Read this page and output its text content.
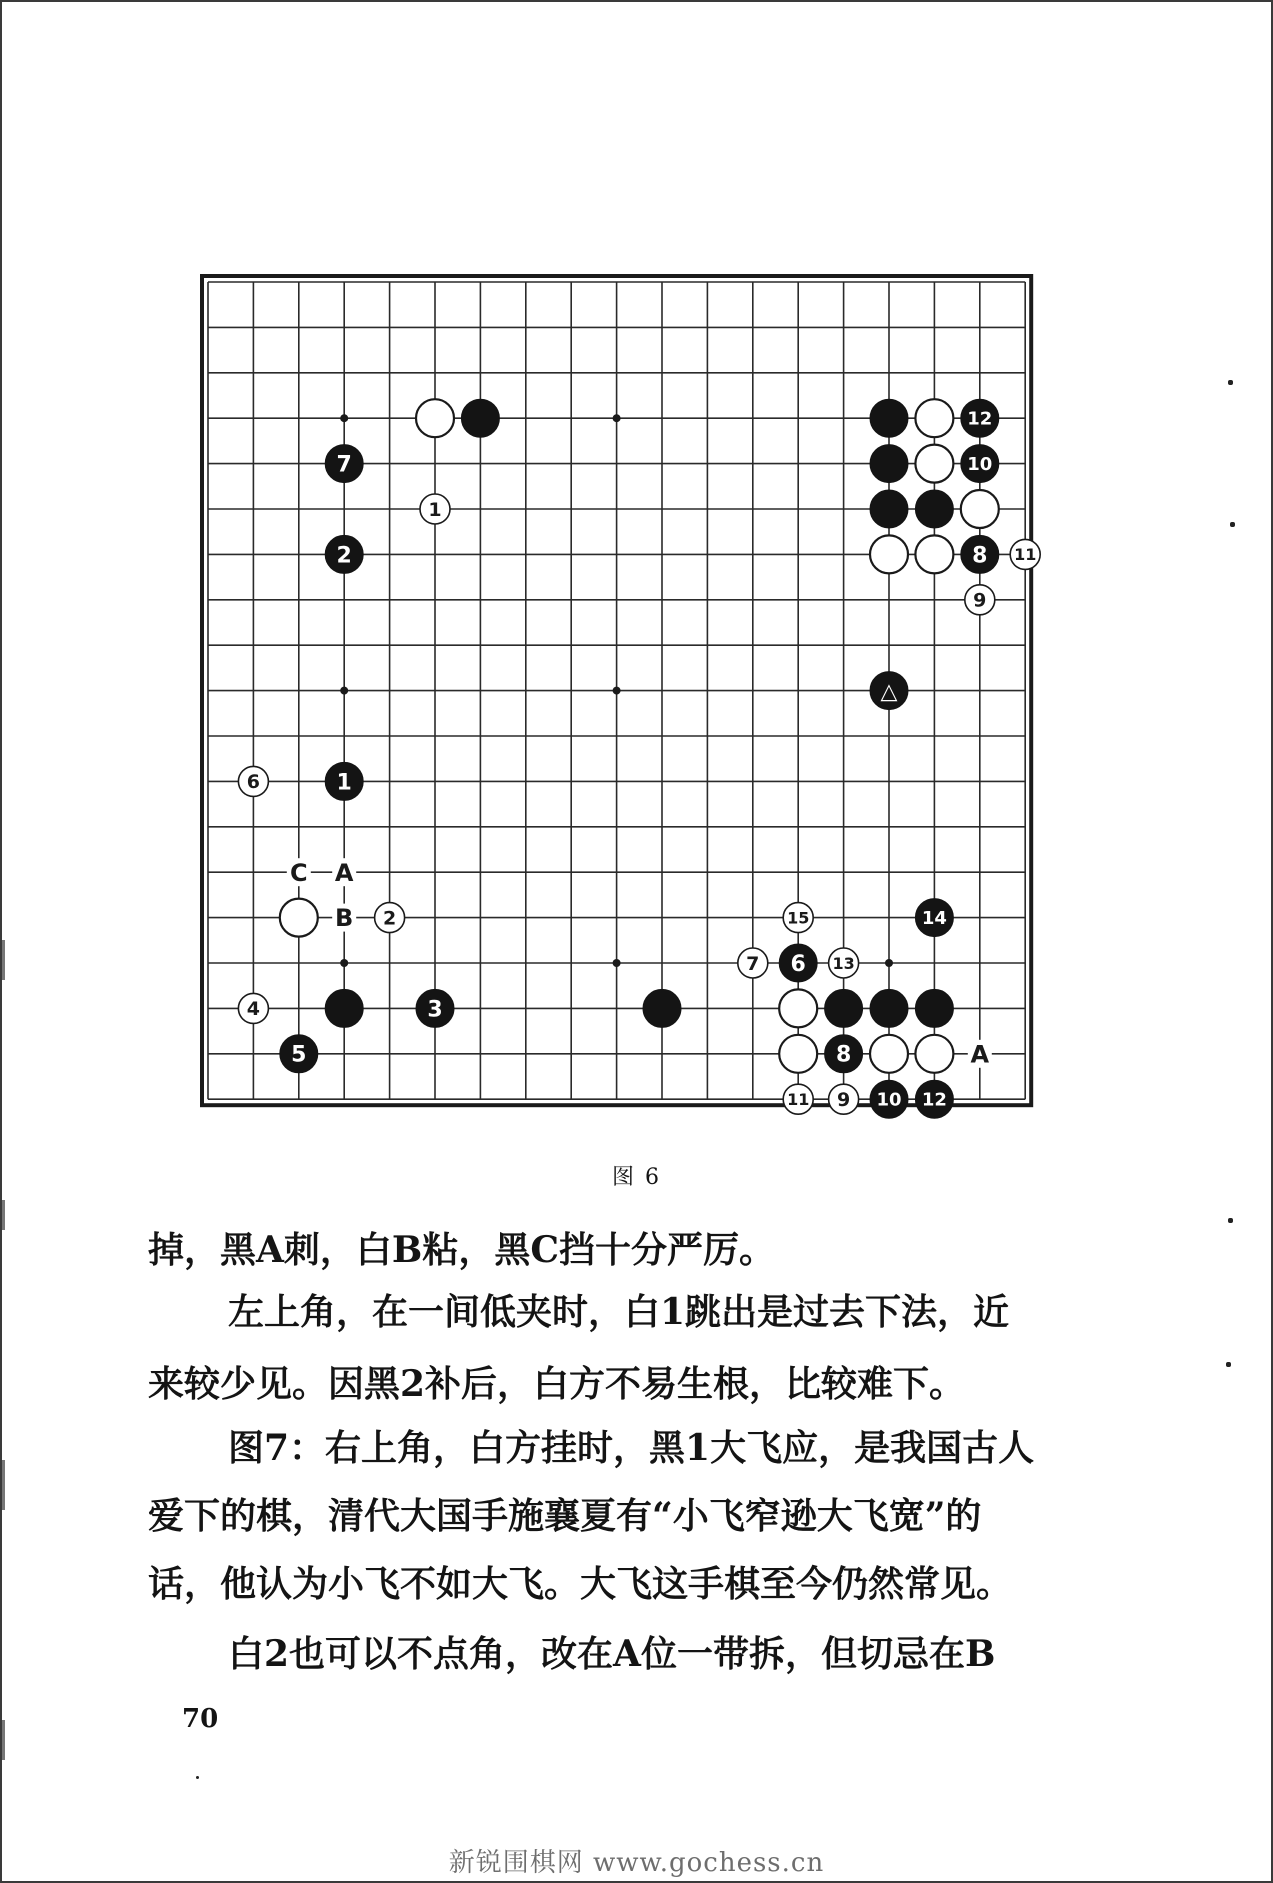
1
11
9
6
2
4
15
7	13
11 9
12
10
8
7
2
△
1
3
5
6
14
8
10 12
C A
B
A
图 6
掉，黑A刺，白B粘，黑C挡十分严厉。
左上角，在一间低夹时，白1跳出是过去下法，近
来较少见。因黑2补后，白方不易生根，比较难下。
图7：右上角，白方挂时，黑1大飞应，是我国古人
爱下的棋，清代大国手施襄夏有“小飞窄逊大飞宽”的
话，他认为小飞不如大飞。大飞这手棋至今仍然常见。
白2也可以不点角，改在A位一带拆，但切忌在B
70
新锐围棋网 www.gochess.cn
